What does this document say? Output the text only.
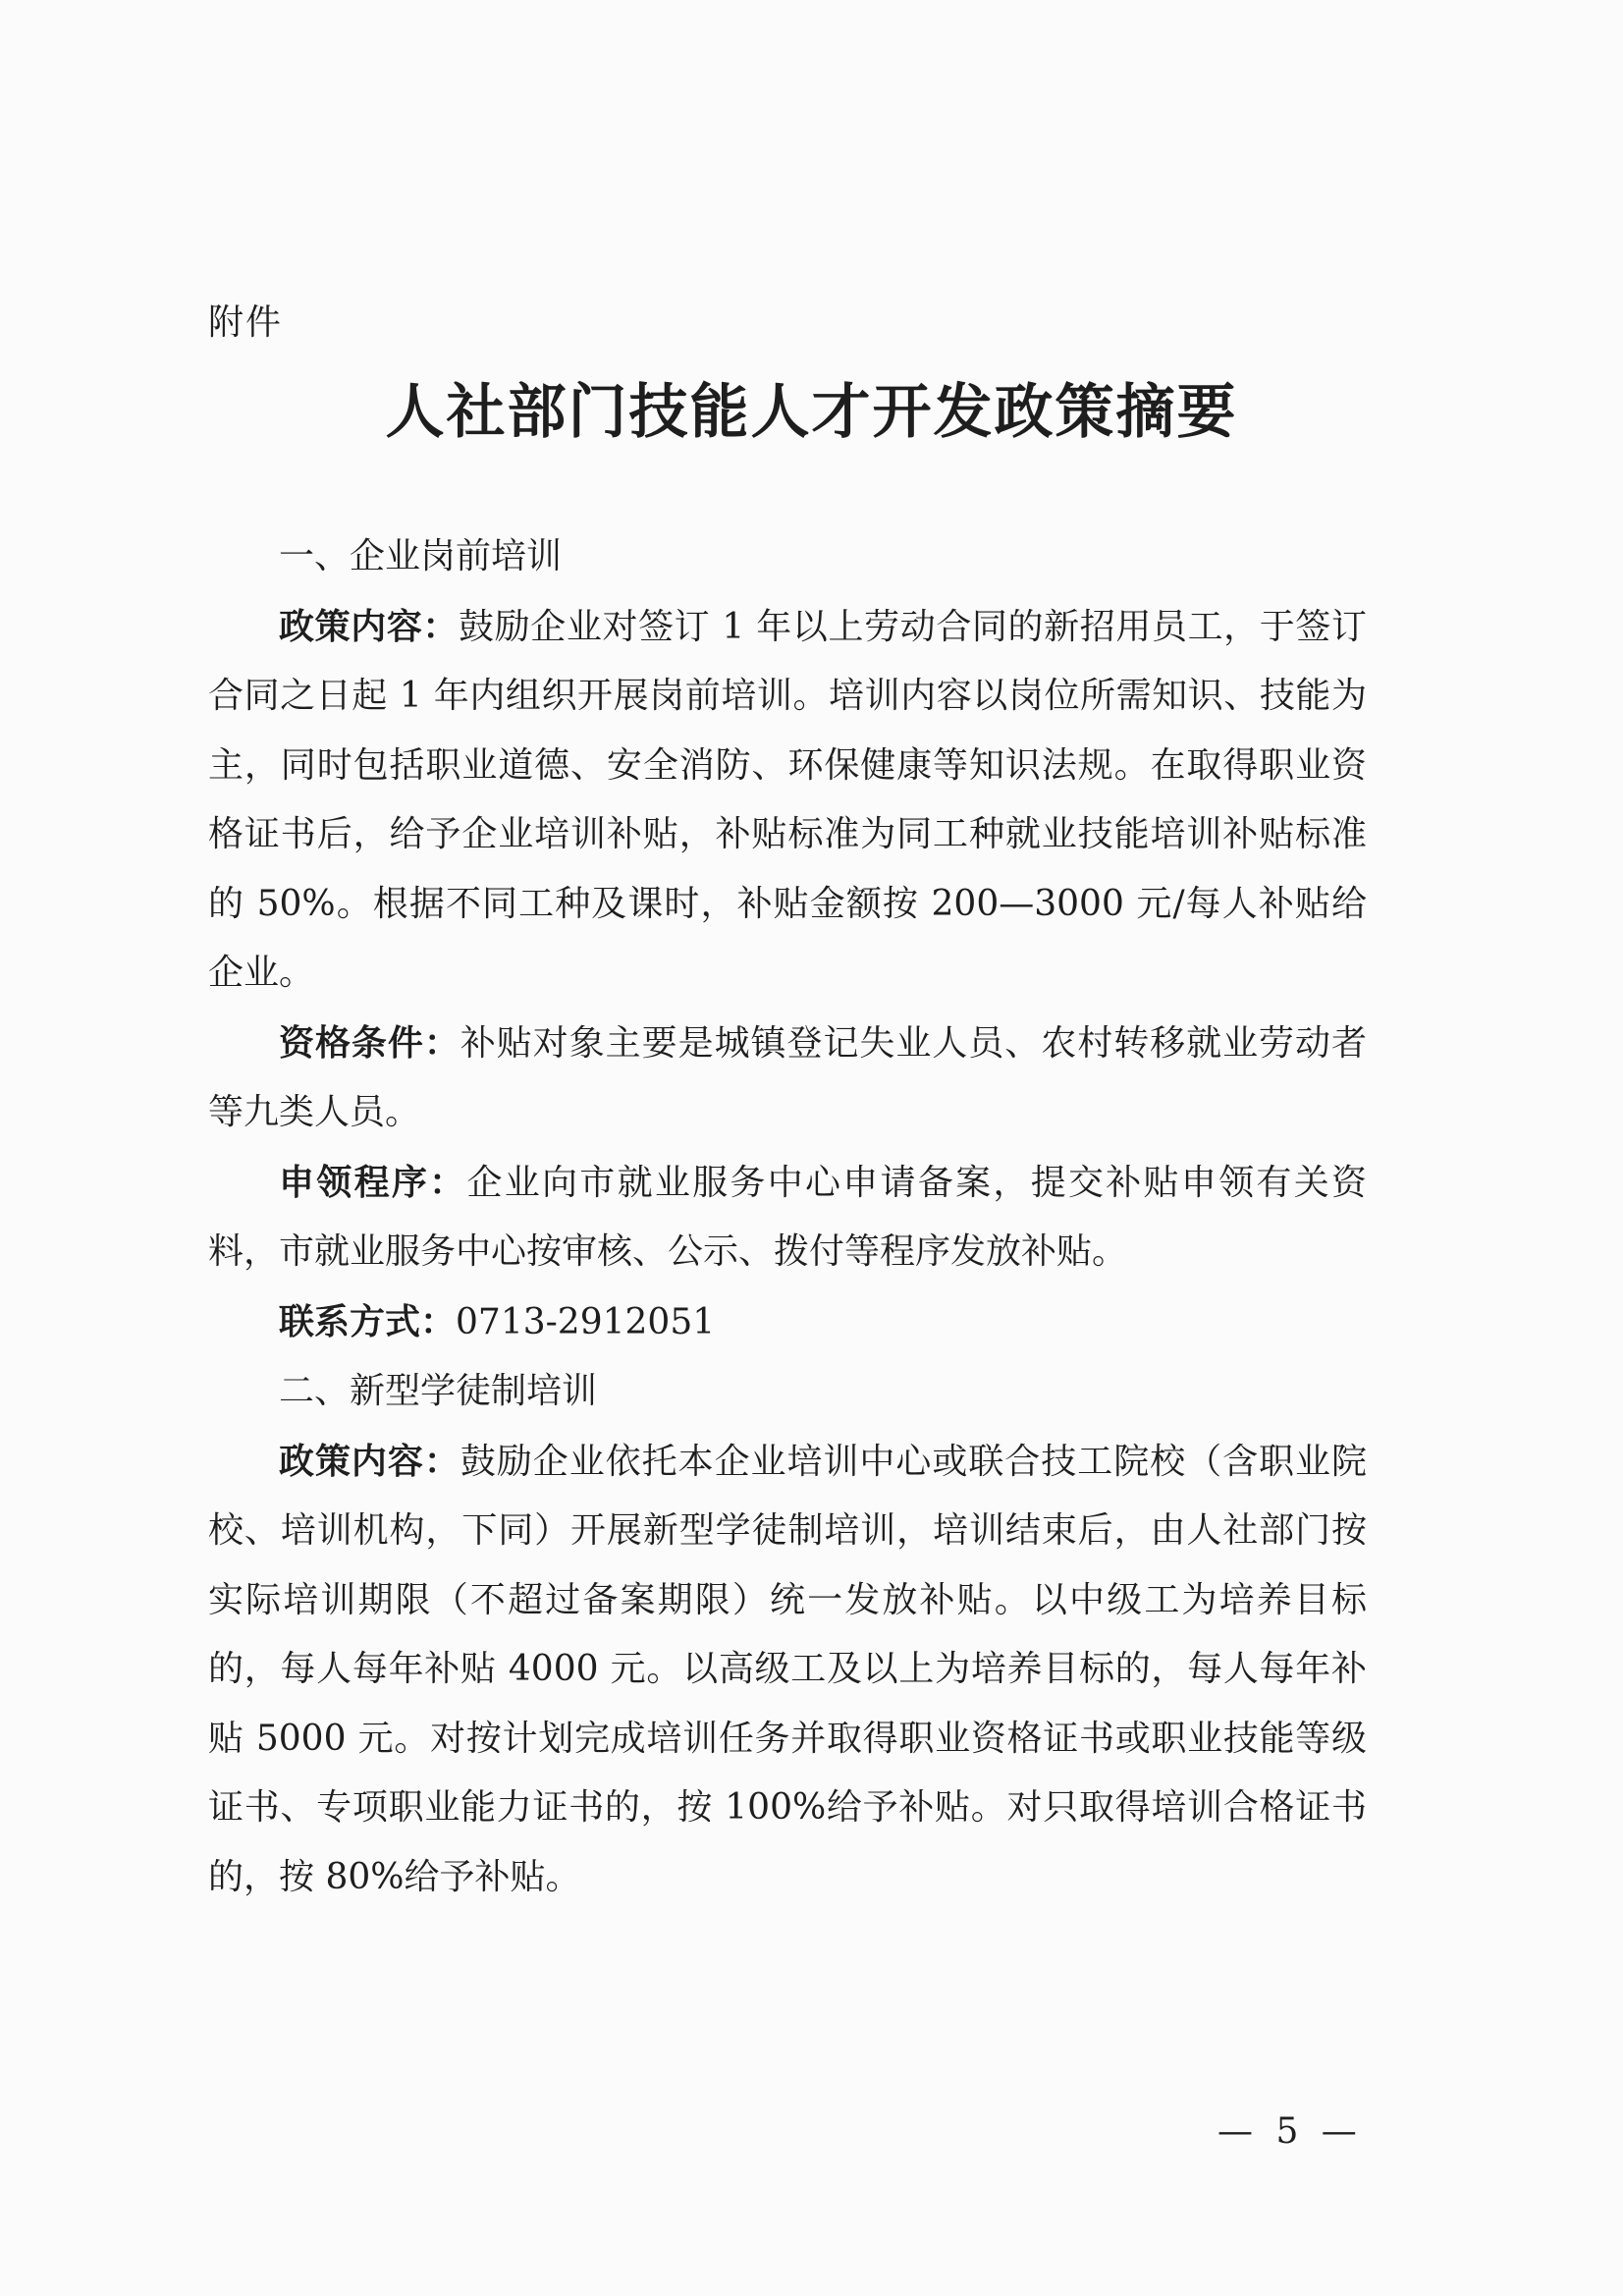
附件
人社部门技能人才开发政策摘要
一、企业岗前培训

政策内容：鼓励企业对签订 1 年以上劳动合同的新招用员工，于签订合同之日起 1 年内组织开展岗前培训。培训内容以岗位所需知识、技能为主，同时包括职业道德、安全消防、环保健康等知识法规。在取得职业资格证书后，给予企业培训补贴，补贴标准为同工种就业技能培训补贴标准的 50%。根据不同工种及课时，补贴金额按 200—3000 元/每人补贴给企业。

资格条件：补贴对象主要是城镇登记失业人员、农村转移就业劳动者等九类人员。

申领程序：企业向市就业服务中心申请备案，提交补贴申领有关资料，市就业服务中心按审核、公示、拨付等程序发放补贴。

联系方式：0713-2912051

二、新型学徒制培训

政策内容：鼓励企业依托本企业培训中心或联合技工院校（含职业院校、培训机构，下同）开展新型学徒制培训，培训结束后，由人社部门按实际培训期限（不超过备案期限）统一发放补贴。以中级工为培养目标的，每人每年补贴 4000 元。以高级工及以上为培养目标的，每人每年补贴 5000 元。对按计划完成培训任务并取得职业资格证书或职业技能等级证书、专项职业能力证书的，按 100%给予补贴。对只取得培训合格证书的，按 80%给予补贴。

— 5 —
